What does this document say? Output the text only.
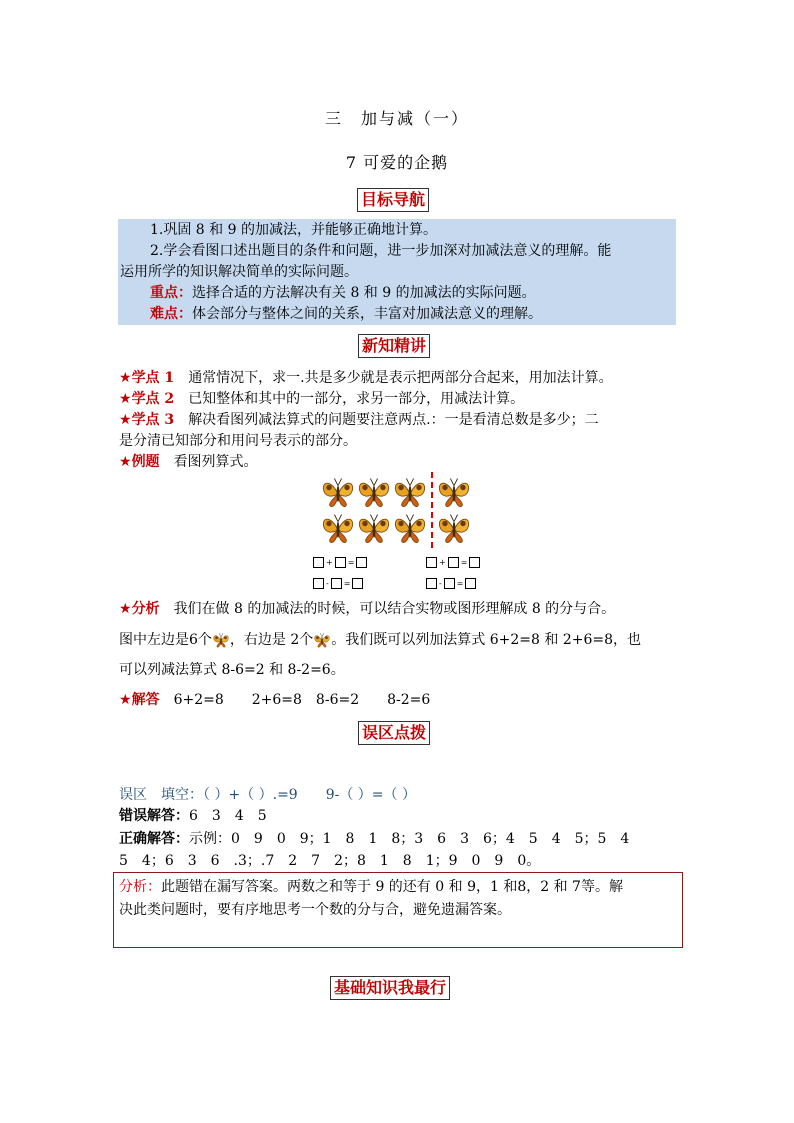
三　加与减（一）
7 可爱的企鹅
目标导航
1.巩固 8 和 9 的加减法，并能够正确地计算。
2.学会看图口述出题目的条件和问题，进一步加深对加减法意义的理解。能
运用所学的知识解决简单的实际问题。
重点：选择合适的方法解决有关 8 和 9 的加减法的实际问题。
难点：体会部分与整体之间的关系，丰富对加减法意义的理解。
新知精讲
★学点 1　 通常情况下，求一.共是多少就是表示把两部分合起来，用加法计算。
★学点 2　 已知整体和其中的一部分，求另一部分，用减法计算。
★学点 3　 解决看图列减法算式的问题要注意两点.：一是看清总数是多少；二
是分清已知部分和用问号表示的部分。
★例题　 看图列算式。
+ =	+ =
- =	- =
★分析　 我们在做 8 的加减法的时候，可以结合实物或图形理解成 8 的分与合。
图中左边是6个 ，右边是 2个 。我们既可以列加法算式 6+2=8 和 2+6=8，也
可以列减法算式 8-6=2 和 8-2=6。
★解答　 6+2=8　　2+6=8　8-6=2　　8-2=6
误区点拨
误区　填空：（ ）+（ ）.=9　　9-（ ）=（ ）
错误解答：6　3　4　5
正确解答：示例：0　9　0　9；1　8　1　8；3　6　3　6；4　5　4　5；5　4
5　4；6　3　6　.3；.7　2　7　2；8　1　8　1；9　0　9　0。
分析：此题错在漏写答案。两数之和等于 9 的还有 0 和 9，1 和8，2 和 7等。解
决此类问题时，要有序地思考一个数的分与合，避免遗漏答案。
基础知识我最行
